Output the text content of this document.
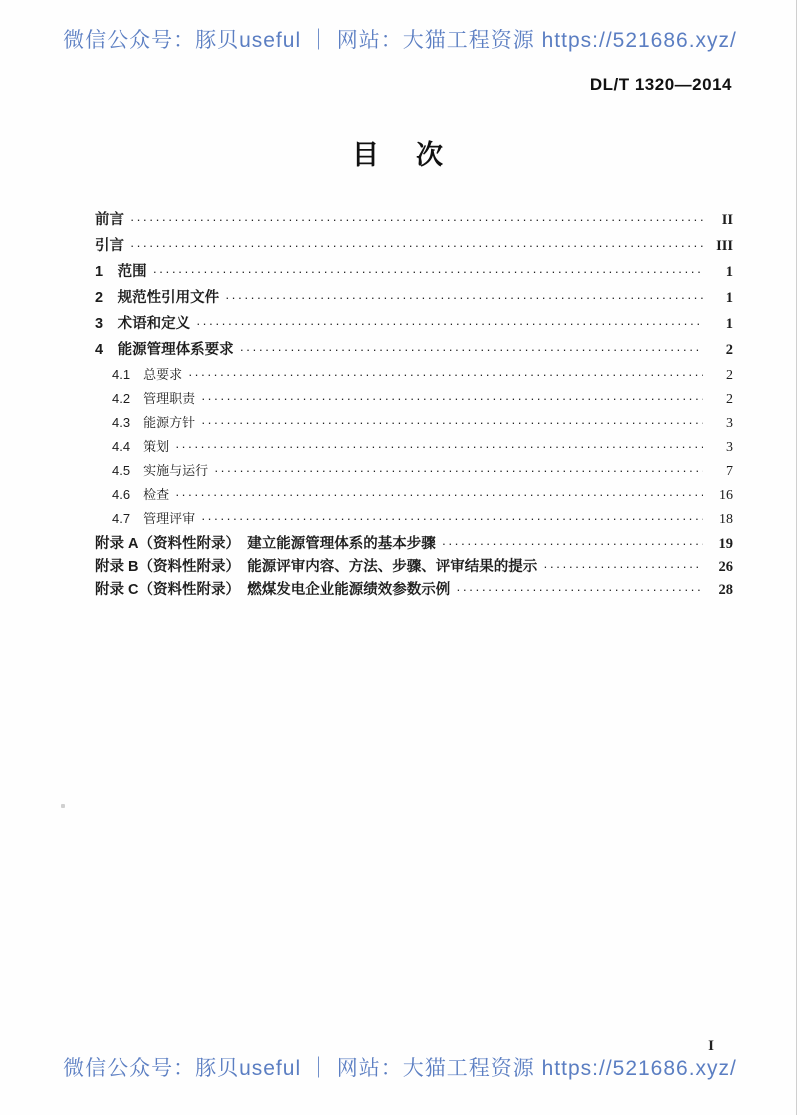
微信公众号：豚贝useful ｜ 网站：大猫工程资源 https://521686.xyz/
DL/T 1320—2014
目　次
前言 ·····	II
引言 ·····	III
1　范围 ·····	1
2　规范性引用文件 ·····	1
3　术语和定义 ·····	1
4　能源管理体系要求 ·····	2
4.1　总要求 ·····	2
4.2　管理职责 ·····	2
4.3　能源方针 ·····	3
4.4　策划 ·····	3
4.5　实施与运行 ·····	7
4.6　检查 ·····	16
4.7　管理评审 ·····	18
附录 A（资料性附录）　建立能源管理体系的基本步骤 ·····	19
附录 B（资料性附录）　能源评审内容、方法、步骤、评审结果的提示 ·····	26
附录 C（资料性附录）　燃煤发电企业能源绩效参数示例 ·····	28
I
微信公众号：豚贝useful ｜ 网站：大猫工程资源 https://521686.xyz/
